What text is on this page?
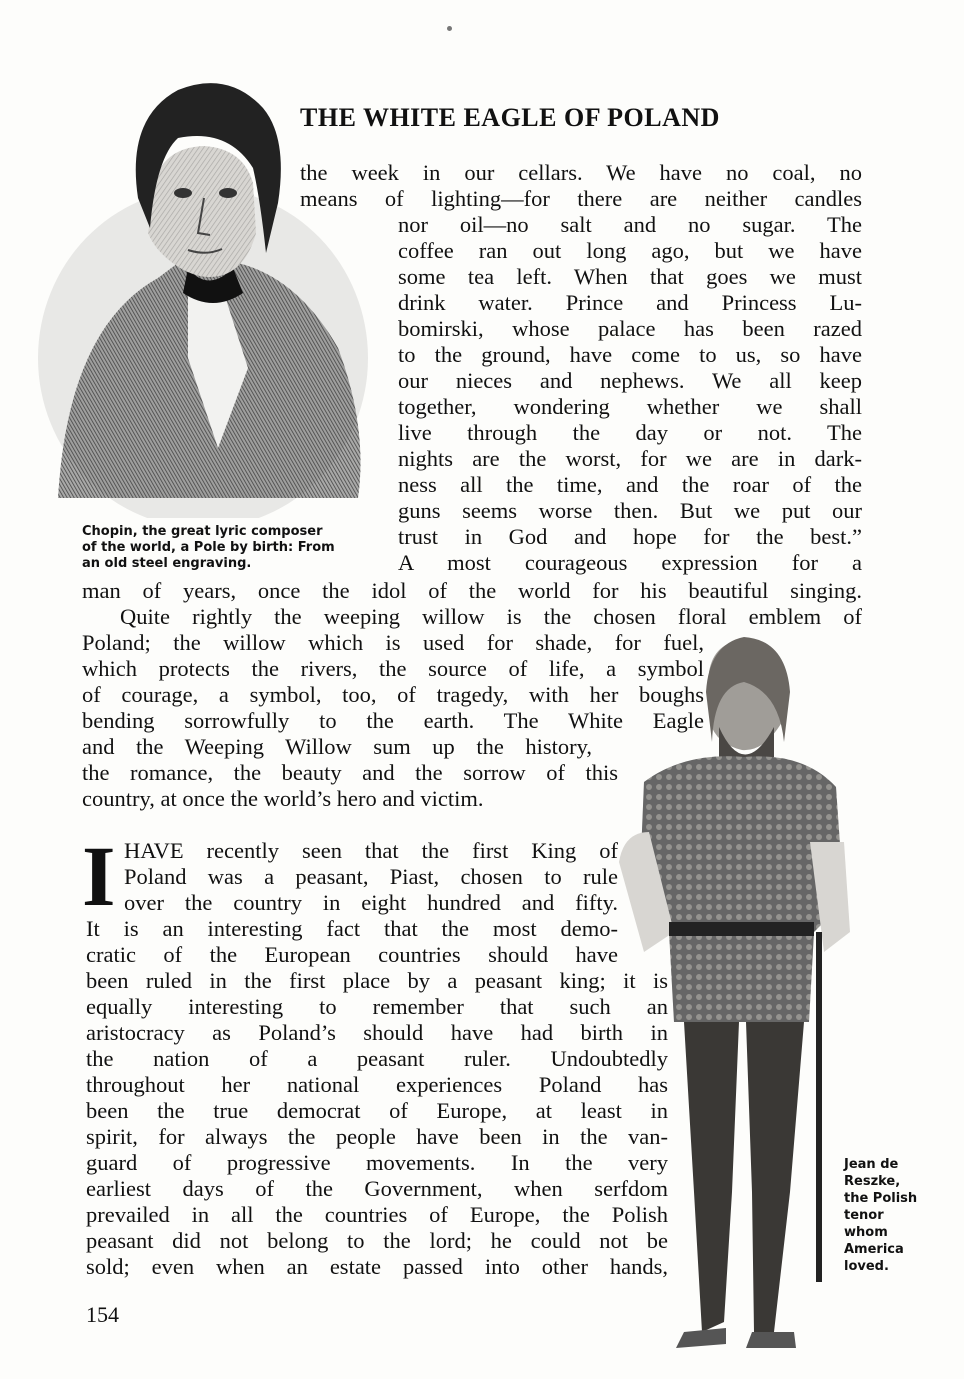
THE WHITE EAGLE OF POLAND
the week in our cellars. We have no coal, no
means of lighting—for there are neither candles
nor oil—no salt and no sugar. The
coffee ran out long ago, but we have
some tea left. When that goes we must
drink water. Prince and Princess Lu-
bomirski, whose palace has been razed
to the ground, have come to us, so have
our nieces and nephews. We all keep
together, wondering whether we shall
live through the day or not. The
nights are the worst, for we are in dark-
ness all the time, and the roar of the
guns seems worse then. But we put our
trust in God and hope for the best.”
A most courageous expression for a
Chopin, the great lyric composer
of the world, a Pole by birth: From
an old steel engraving.
man of years, once the idol of the world for his beautiful singing.
Quite rightly the weeping willow is the chosen floral emblem of
Poland; the willow which is used for shade, for fuel,
which protects the rivers, the source of life, a symbol
of courage, a symbol, too, of tragedy, with her boughs
bending sorrowfully to the earth. The White Eagle
and the Weeping Willow sum up the history,
the romance, the beauty and the sorrow of this
country, at once the world’s hero and victim.
Jean de
Reszke,
the Polish
tenor
whom
America
loved.
I HAVE recently seen that the first King of
Poland was a peasant, Piast, chosen to rule
over the country in eight hundred and fifty.
It is an interesting fact that the most demo-
cratic of the European countries should have
been ruled in the first place by a peasant king; it is
equally interesting to remember that such an
aristocracy as Poland’s should have had birth in
the nation of a peasant ruler. Undoubtedly
throughout her national experiences Poland has
been the true democrat of Europe, at least in
spirit, for always the people have been in the van-
guard of progressive movements. In the very
earliest days of the Government, when serfdom
prevailed in all the countries of Europe, the Polish
peasant did not belong to the lord; he could not be
sold; even when an estate passed into other hands,
154
